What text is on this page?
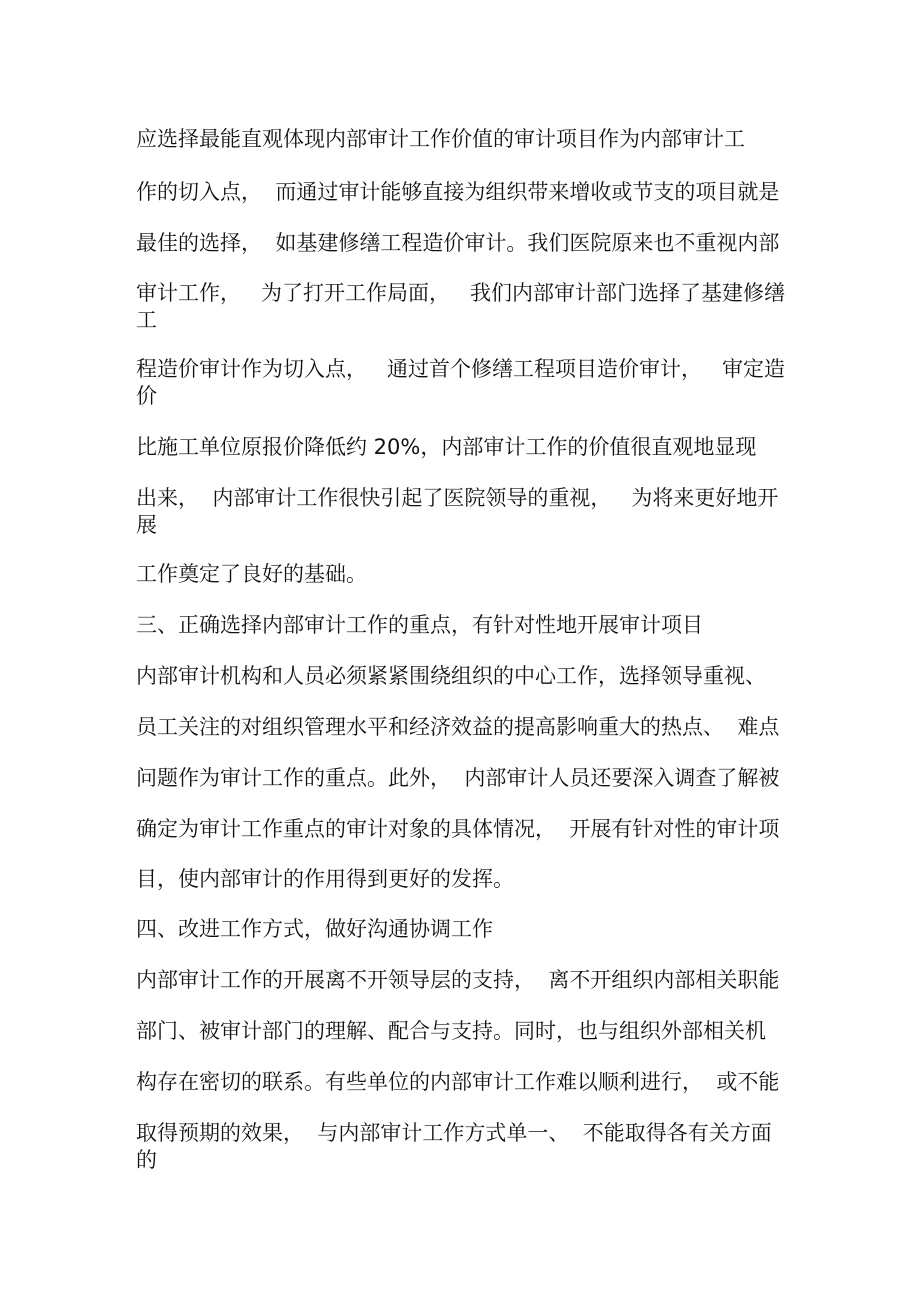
应选择最能直观体现内部审计工作价值的审计项目作为内部审计工

作的切入点，  而通过审计能够直接为组织带来增收或节支的项目就是

最佳的选择，  如基建修缮工程造价审计。我们医院原来也不重视内部

审计工作，   为了打开工作局面，   我们内部审计部门选择了基建修缮

工

程造价审计作为切入点，   通过首个修缮工程项目造价审计，   审定造

价

比施工单位原报价降低约 20%，内部审计工作的价值很直观地显现

出来，  内部审计工作很快引起了医院领导的重视，   为将来更好地开

展

工作奠定了良好的基础。

三、正确选择内部审计工作的重点，有针对性地开展审计项目

内部审计机构和人员必须紧紧围绕组织的中心工作，选择领导重视、

员工关注的对组织管理水平和经济效益的提高影响重大的热点、  难点

问题作为审计工作的重点。此外，  内部审计人员还要深入调查了解被

确定为审计工作重点的审计对象的具体情况，  开展有针对性的审计项

目，使内部审计的作用得到更好的发挥。

四、改进工作方式，做好沟通协调工作

内部审计工作的开展离不开领导层的支持，  离不开组织内部相关职能

部门、被审计部门的理解、配合与支持。同时，也与组织外部相关机

构存在密切的联系。有些单位的内部审计工作难以顺利进行，  或不能

取得预期的效果，  与内部审计工作方式单一、  不能取得各有关方面

的
